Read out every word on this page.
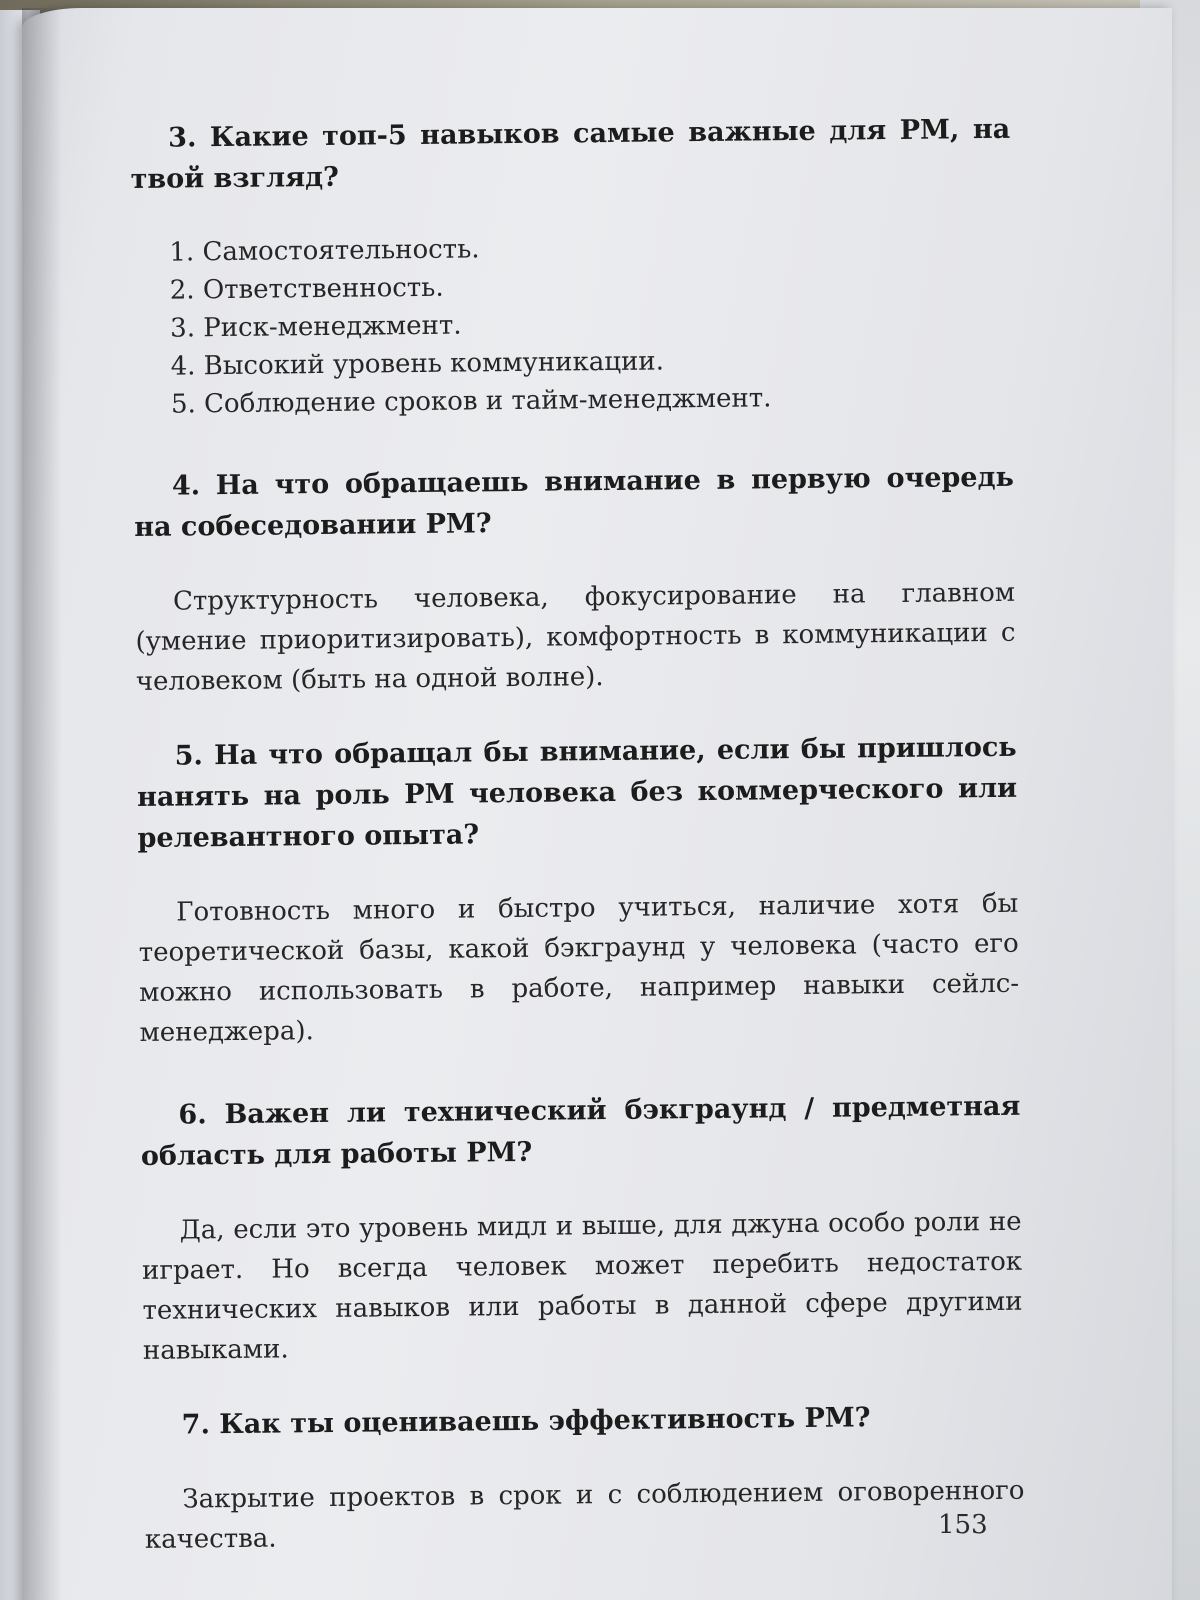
3. Какие топ-5 навыков самые важные для PM, на твой взгляд?

1. Самостоятельность.
2. Ответственность.
3. Риск-менеджмент.
4. Высокий уровень коммуникации.
5. Соблюдение сроков и тайм-менеджмент.

4. На что обращаешь внимание в первую очередь на собеседовании PM?

Структурность человека, фокусирование на главном (умение приоритизировать), комфортность в коммуникации с человеком (быть на одной волне).

5. На что обращал бы внимание, если бы пришлось нанять на роль PM человека без коммерческого или релевантного опыта?

Готовность много и быстро учиться, наличие хотя бы теоретической базы, какой бэкграунд у человека (часто его можно использовать в работе, например навыки сейлс-менеджера).

6. Важен ли технический бэкграунд / предметная область для работы PM?

Да, если это уровень мидл и выше, для джуна особо роли не играет. Но всегда человек может перебить недостаток технических навыков или работы в данной сфере другими навыками.

7. Как ты оцениваешь эффективность PM?

Закрытие проектов в срок и с соблюдением оговоренного качества.	153
